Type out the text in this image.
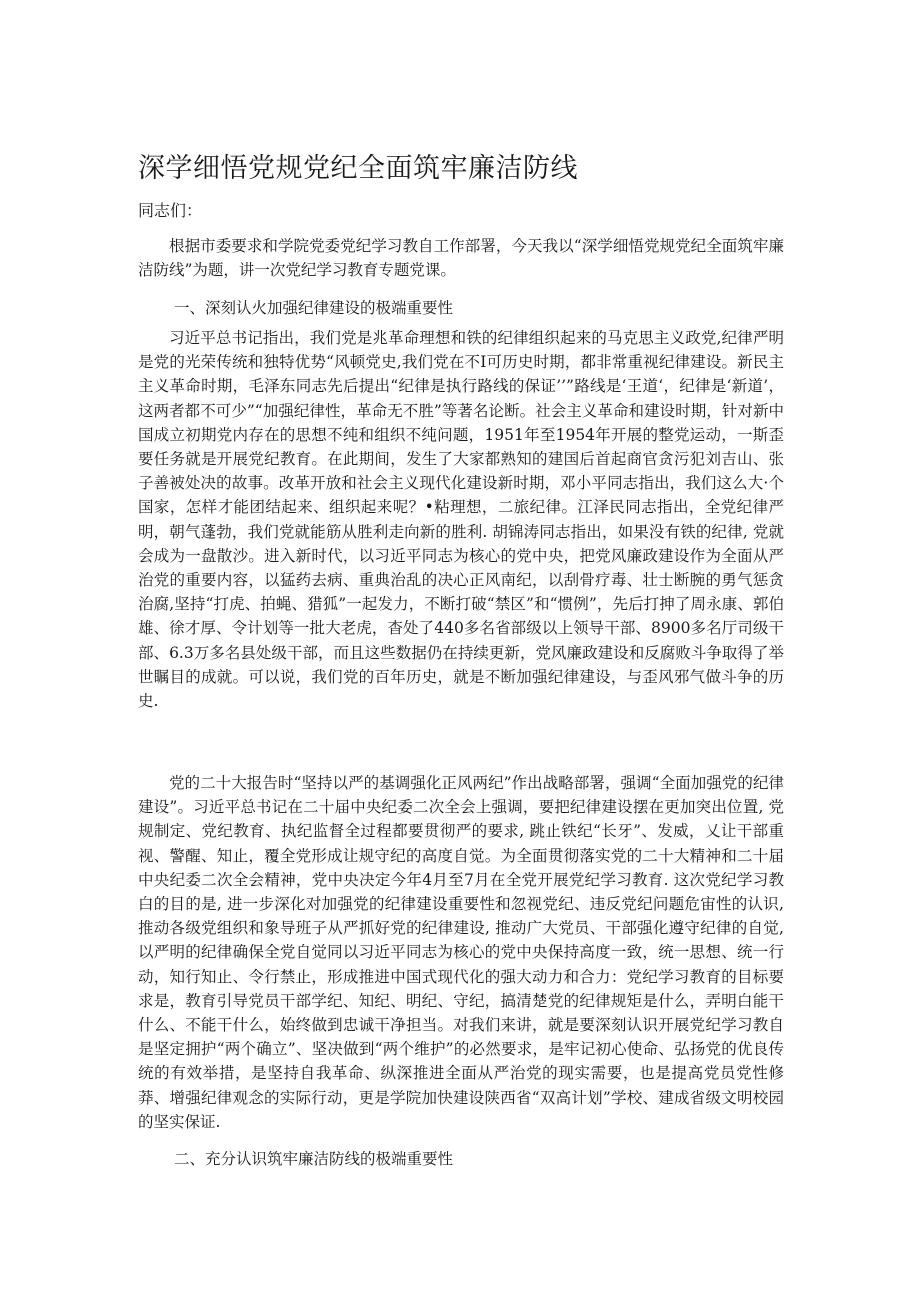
深学细悟党规党纪全面筑牢廉洁防线

同志们：

根据市委要求和学院党委党纪学习教自工作部署，今天我以“深学细悟党规党纪全面筑牢廉洁防线”为题，讲一次党纪学习教育专题党课。

一、深刻认火加强纪律建设的极端重要性

习近平总书记指出，我们党是兆革命理想和铁的纪律组织起来的马克思主义政党,纪律严明是党的光荣传统和独特优势“风顿党史,我们党在不I可历史时期，都非常重视纪律建设。新民主主义革命时期，毛泽东同志先后提出“纪律是执行路线的保证’’”路线是‘王道‘，纪律是‘新道’，这两者都不可少”“加强纪律性，革命无不胜”等著名论断。社会主义革命和建设时期，针对新中国成立初期党内存在的思想不纯和组织不纯问题，1951年至1954年开展的整党运动，一斯歪要任务就是开展党纪教育。在此期间，发生了大家都熟知的建国后首起商官贪污犯刘吉山、张子善被处决的故事。改革开放和社会主义现代化建设新时期，邓小平同志指出，我们这么大·个国家，怎样才能团结起来、组织起来呢？•粘理想，二旅纪律。江泽民同志指出，全党纪律严明，朝气蓬勃，我们党就能筋从胜利走向新的胜利. 胡锦涛同志指出，如果没有铁的纪律, 党就会成为一盘散沙。进入新时代，以习近平同志为核心的党中央，把党风廉政建设作为全面从严治党的重要内容，以猛药去病、重典治乱的决心正风南纪，以刮骨疗毒、壮士断腕的勇气惩贪治腐,坚持“打虎、拍蝇、猎狐”一起发力，不断打破“禁区”和“惯例”，先后打抻了周永康、郭伯雄、徐才厚、令计划等一批大老虎，杳处了440多名省部级以上领导干部、8900多名厅司级干部、6.3万多名县处级干部，而且这些数据仍在持续更新，党风廉政建设和反腐败斗争取得了举世瞩目的成就。可以说，我们党的百年历史，就是不断加强纪律建设，与歪风邪气做斗争的历史.

党的二十大报告时“坚持以严的基调强化正风两纪”作出战略部署，强调“全面加强党的纪律建设”。习近平总书记在二十届中央纪委二次全会上强调，要把纪律建设摆在更加突出位置, 党规制定、党纪教育、执纪监督全过程都要贯彻严的要求, 跳止铁纪“长牙”、发威，乂让干部重视、警醒、知止，覆全党形成让规守纪的高度自觉。为全面贯彻落实党的二十大精神和二十届中央纪委二次全会精神，党中央决定今年4月至7月在全党开展党纪学习教育. 这次党纪学习教白的目的是, 进一步深化对加强党的纪律建设重要性和忽视党纪、违反党纪问题危宙性的认识, 推动各级党组织和象导班子从严抓好党的纪律建设, 推动广大党员、干部强化遵守纪律的自觉, 以严明的纪律确保全党自觉同以习近平同志为核心的党中央保持高度一致，统一思想、统一行动，知行知止、令行禁止，形成推进中国式现代化的强大动力和合力：党纪学习教育的目标要求是，教育引导党员干部学纪、知纪、明纪、守纪，搞清楚党的纪律规矩是什么，弄明白能干什么、不能干什么，始终做到忠诚干净担当。对我们来讲，就是要深刻认识开展党纪学习教自是坚定拥护“两个确立”、坚决做到“两个维护”的必然要求，是牢记初心使命、弘扬党的优良传统的有效举措，是坚持自我革命、纵深推进全面从严治党的现实需要，也是提高党员党性修莽、增强纪律观念的实际行动，更是学院加快建设陕西省“双高计划”学校、建成省级文明校园的坚实保证.

二、充分认识筑牢廉洁防线的极端重要性
